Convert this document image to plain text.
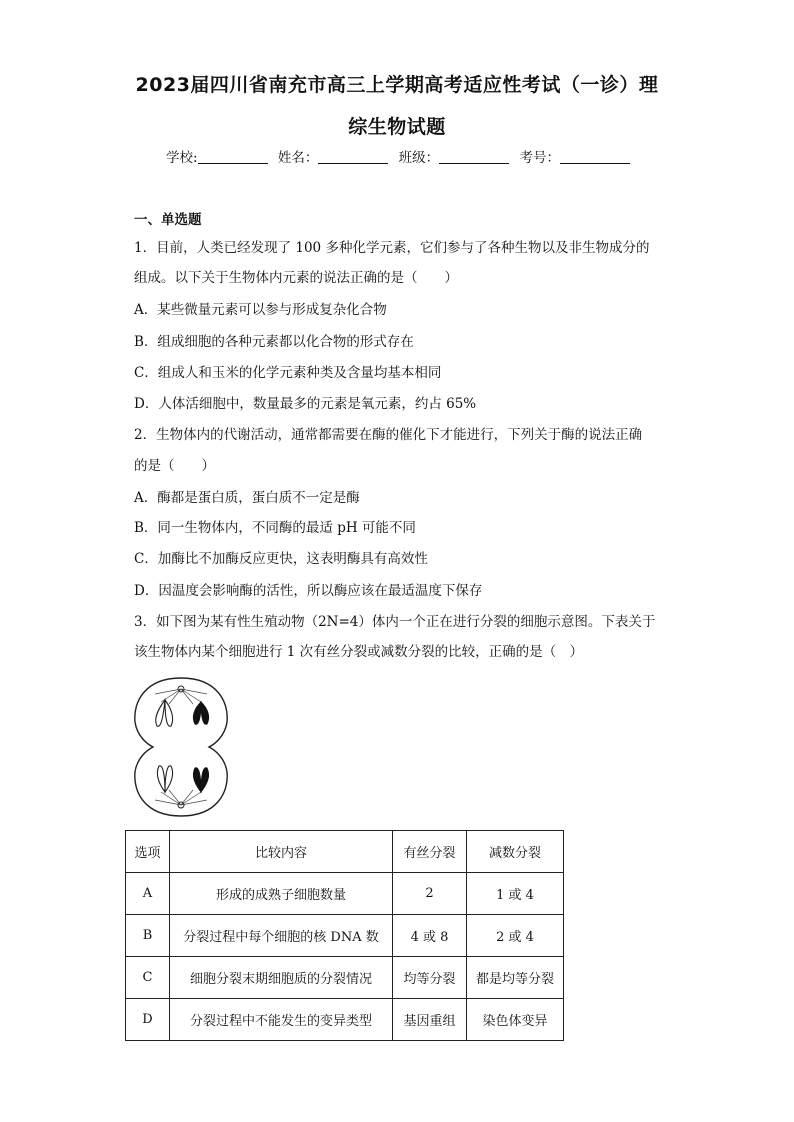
2023届四川省南充市高三上学期高考适应性考试（一诊）理
综生物试题
学校:	姓名：	班级：	考号：
一、单选题
1．目前，人类已经发现了 100 多种化学元素，它们参与了各种生物以及非生物成分的
组成。以下关于生物体内元素的说法正确的是（　　）
A．某些微量元素可以参与形成复杂化合物
B．组成细胞的各种元素都以化合物的形式存在
C．组成人和玉米的化学元素种类及含量均基本相同
D．人体活细胞中，数量最多的元素是氧元素，约占 65%
2．生物体内的代谢活动，通常都需要在酶的催化下才能进行，下列关于酶的说法正确
的是（　　）
A．酶都是蛋白质，蛋白质不一定是酶
B．同一生物体内，不同酶的最适 pH 可能不同
C．加酶比不加酶反应更快，这表明酶具有高效性
D．因温度会影响酶的活性，所以酶应该在最适温度下保存
3．如下图为某有性生殖动物（2N=4）体内一个正在进行分裂的细胞示意图。下表关于
该生物体内某个细胞进行 1 次有丝分裂或减数分裂的比较，正确的是（　）
选项	比较内容	有丝分裂	减数分裂
A	形成的成熟子细胞数量	2	1 或 4
B	分裂过程中每个细胞的核 DNA 数	4 或 8	2 或 4
C	细胞分裂末期细胞质的分裂情况	均等分裂	都是均等分裂
D	分裂过程中不能发生的变异类型	基因重组	染色体变异
